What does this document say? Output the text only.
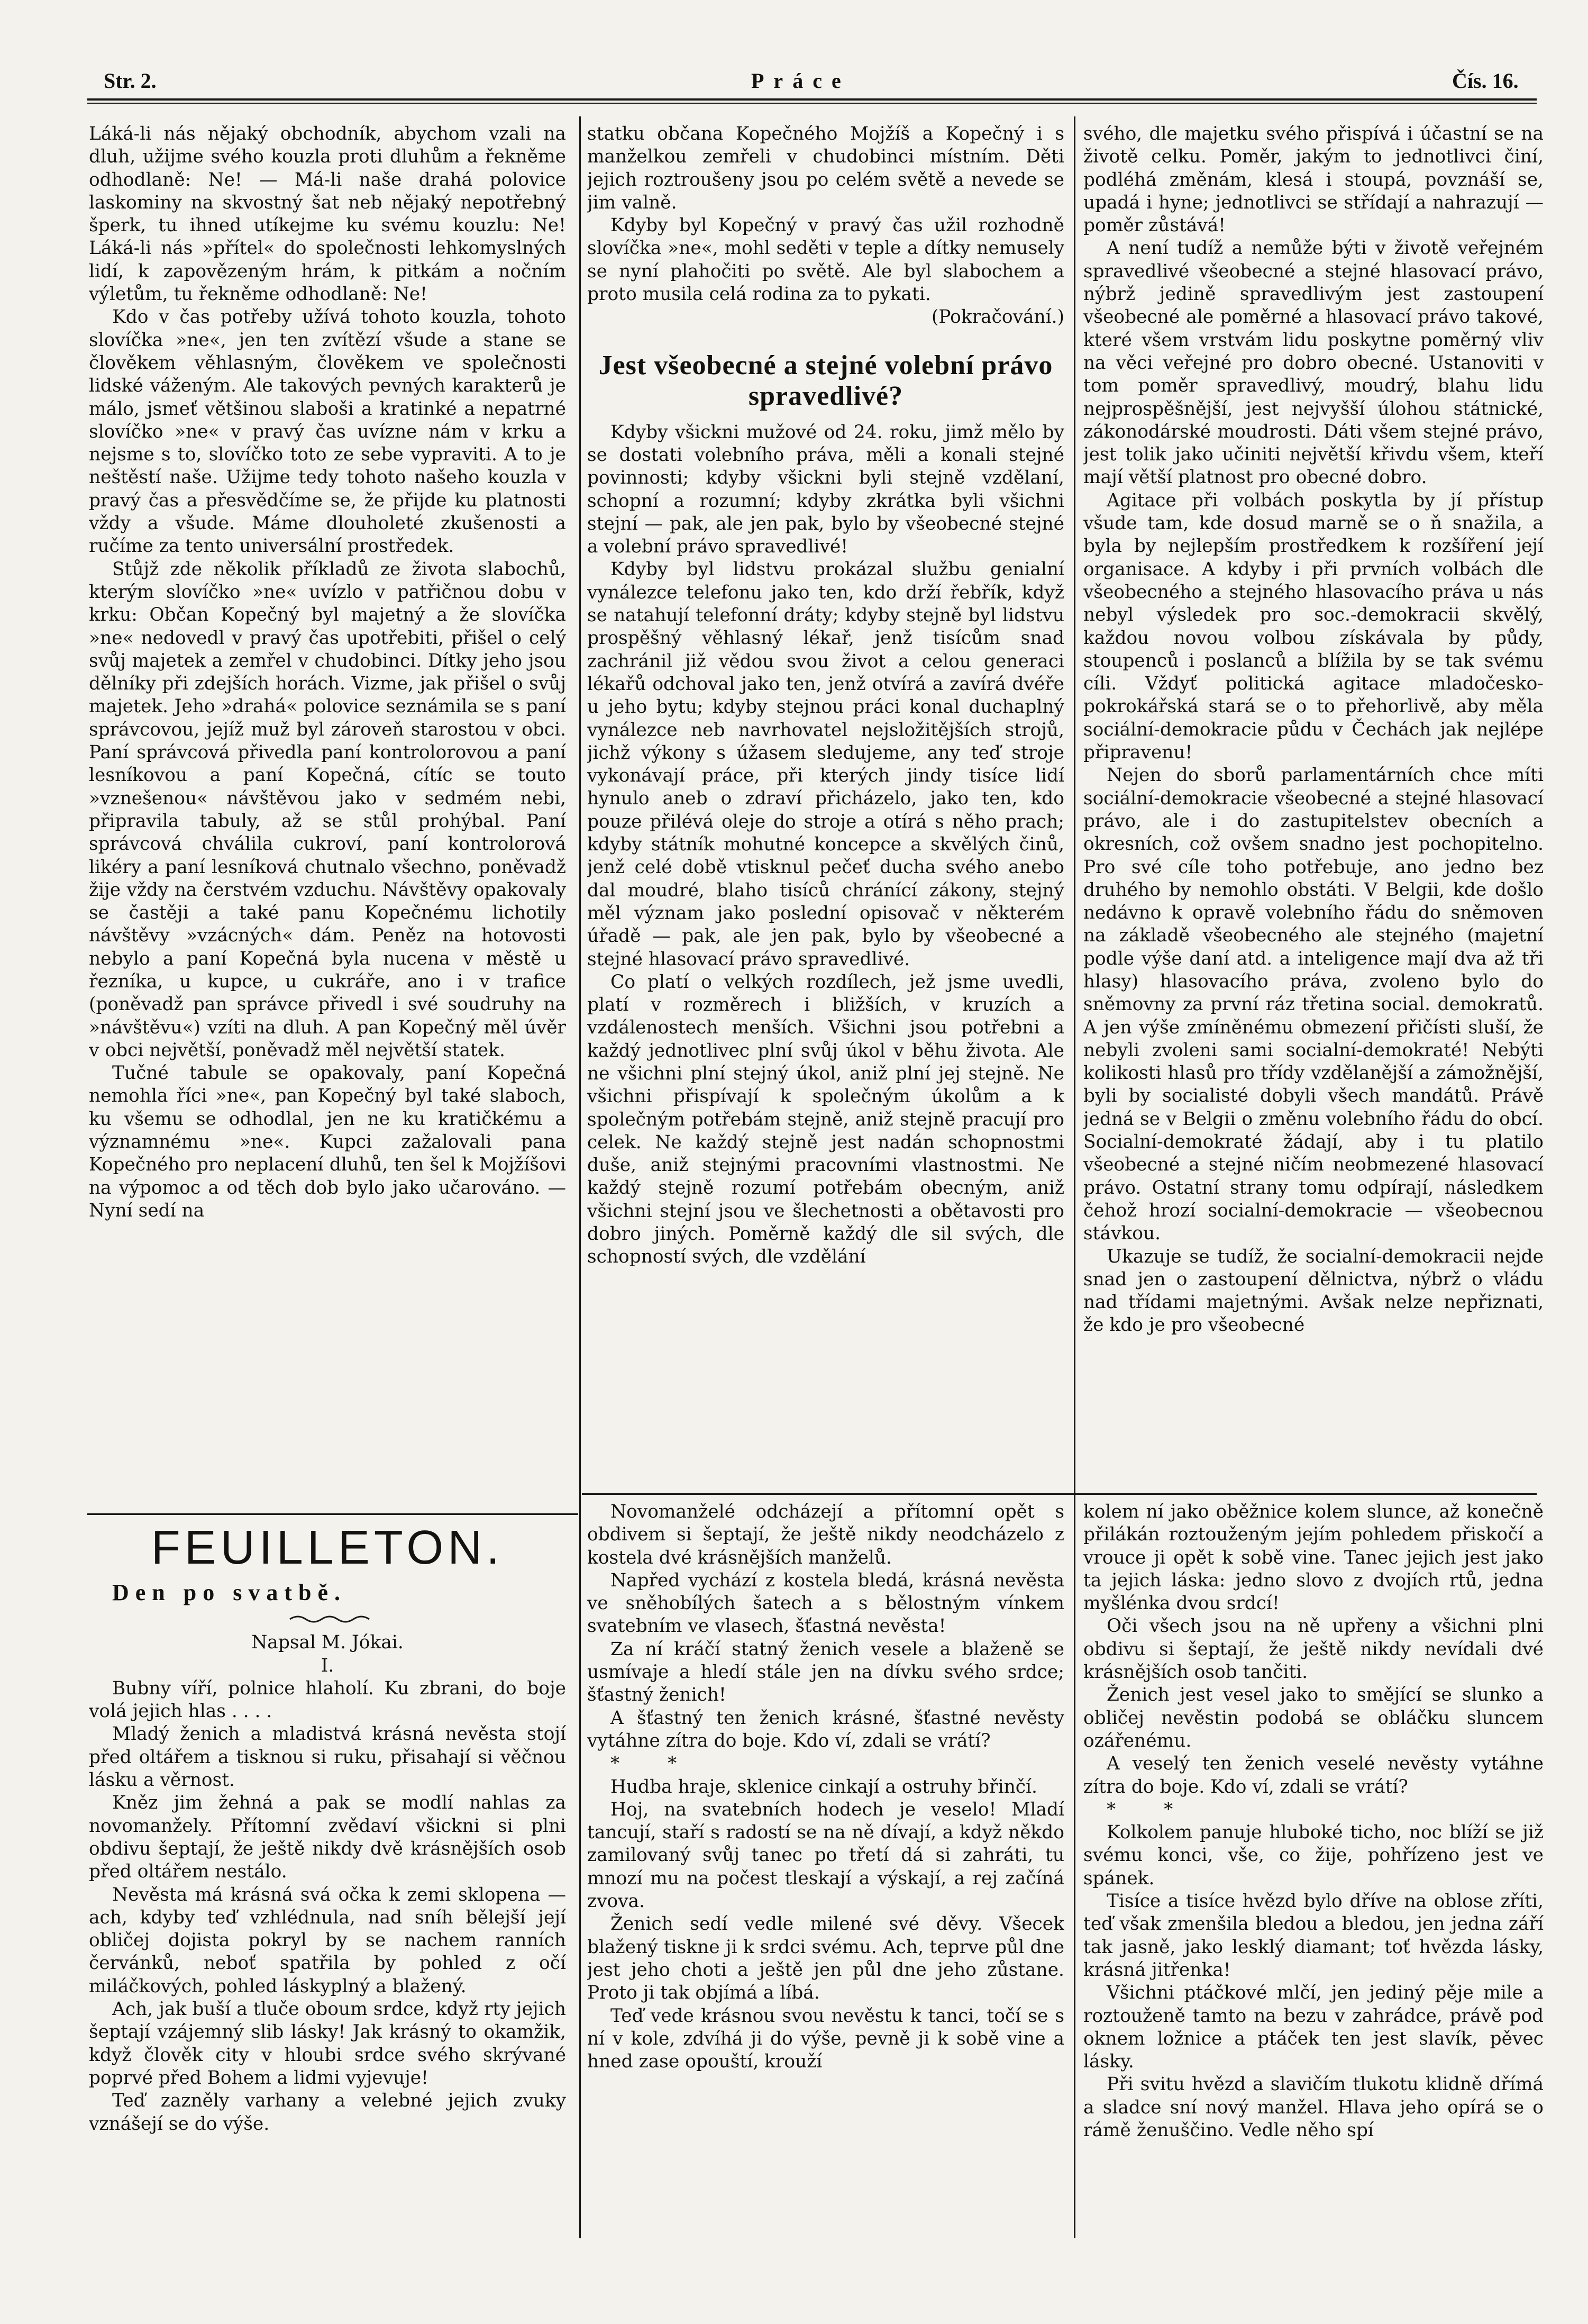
Str. 2.	Práce	Čís. 16.

Láká-li nás nějaký obchodník, abychom vzali na dluh, užijme svého kouzla proti dluhům a řekněme odhodlaně: Ne! — Má-li naše drahá polovice laskominy na skvostný šat neb nějaký nepotřebný šperk, tu ihned utíkejme ku svému kouzlu: Ne! Láká-li nás »přítel« do společnosti lehkomyslných lidí, k zapovězeným hrám, k pitkám a nočním výletům, tu řekněme odhodlaně: Ne!

Kdo v čas potřeby užívá tohoto kouzla, tohoto slovíčka »ne«, jen ten zvítězí všude a stane se člověkem věhlasným, člověkem ve společnosti lidské váženým. Ale takových pevných karakterů je málo, jsmeť většinou slaboši a kratinké a nepatrné slovíčko »ne« v pravý čas uvízne nám v krku a nejsme s to, slovíčko toto ze sebe vypraviti. A to je neštěstí naše. Užijme tedy tohoto našeho kouzla v pravý čas a přesvědčíme se, že přijde ku platnosti vždy a všude. Máme dlouholeté zkušenosti a ručíme za tento universální prostředek.

Stůjž zde několik příkladů ze života slabochů, kterým slovíčko »ne« uvízlo v patřičnou dobu v krku: Občan Kopečný byl majetný a že slovíčka »ne« nedovedl v pravý čas upotřebiti, přišel o celý svůj majetek a zemřel v chudobinci. Dítky jeho jsou dělníky při zdejších horách. Vizme, jak přišel o svůj majetek. Jeho »drahá« polovice seznámila se s paní správcovou, jejíž muž byl zároveň starostou v obci. Paní správcová přivedla paní kontrolorovou a paní lesníkovou a paní Kopečná, cítíc se touto »vznešenou« návštěvou jako v sedmém nebi, připravila tabuly, až se stůl prohýbal. Paní správcová chválila cukroví, paní kontrolorová likéry a paní lesníková chutnalo všechno, poněvadž žije vždy na čerstvém vzduchu. Návštěvy opakovaly se častěji a také panu Kopečnému lichotily návštěvy »vzácných« dám. Peněz na hotovosti nebylo a paní Kopečná byla nucena v městě u řezníka, u kupce, u cukráře, ano i v trafice (poněvadž pan správce přivedl i své soudruhy na »návštěvu«) vzíti na dluh. A pan Kopečný měl úvěr v obci největší, poněvadž měl největší statek.

Tučné tabule se opakovaly, paní Kopečná nemohla říci »ne«, pan Kopečný byl také slaboch, ku všemu se odhodlal, jen ne ku kratičkému a významnému »ne«. Kupci zažalovali pana Kopečného pro neplacení dluhů, ten šel k Mojžíšovi na výpomoc a od těch dob bylo jako učarováno. — Nyní sedí na

statku občana Kopečného Mojžíš a Kopečný i s manželkou zemřeli v chudobinci místním. Děti jejich roztroušeny jsou po celém světě a nevede se jim valně.

Kdyby byl Kopečný v pravý čas užil rozhodně slovíčka »ne«, mohl seděti v teple a dítky nemusely se nyní plahočiti po světě. Ale byl slabochem a proto musila celá rodina za to pykati.

(Pokračování.)
Jest všeobecné a stejné volební právo spravedlivé?

Kdyby všickni mužové od 24. roku, jimž mělo by se dostati volebního práva, měli a konali stejné povinnosti; kdyby všickni byli stejně vzdělaní, schopní a rozumní; kdyby zkrátka byli všichni stejní — pak, ale jen pak, bylo by všeobecné stejné a volební právo spravedlivé!

Kdyby byl lidstvu prokázal službu genialní vynálezce telefonu jako ten, kdo drží řebřík, když se natahují telefonní dráty; kdyby stejně byl lidstvu prospěšný věhlasný lékař, jenž tisícům snad zachránil již vědou svou život a celou generaci lékařů odchoval jako ten, jenž otvírá a zavírá dvéře u jeho bytu; kdyby stejnou práci konal duchaplný vynálezce neb navrhovatel nejsložitějších strojů, jichž výkony s úžasem sledujeme, any teď stroje vykonávají práce, při kterých jindy tisíce lidí hynulo aneb o zdraví přicházelo, jako ten, kdo pouze přilévá oleje do stroje a otírá s něho prach; kdyby státník mohutné koncepce a skvělých činů, jenž celé době vtisknul pečeť ducha svého anebo dal moudré, blaho tisíců chránící zákony, stejný měl význam jako poslední opisovač v některém úřadě — pak, ale jen pak, bylo by všeobecné a stejné hlasovací právo spravedlivé.

Co platí o velkých rozdílech, jež jsme uvedli, platí v rozměrech i bližších, v kruzích a vzdálenostech menších. Všichni jsou potřebni a každý jednotlivec plní svůj úkol v běhu života. Ale ne všichni plní stejný úkol, aniž plní jej stejně. Ne všichni přispívají k společným úkolům a k společným potřebám stejně, aniž stejně pracují pro celek. Ne každý stejně jest nadán schopnostmi duše, aniž stejnými pracovními vlastnostmi. Ne každý stejně rozumí potřebám obecným, aniž všichni stejní jsou ve šlechetnosti a obětavosti pro dobro jiných. Poměrně každý dle sil svých, dle schopností svých, dle vzdělání

svého, dle majetku svého přispívá i účastní se na životě celku. Poměr, jakým to jednotlivci činí, podléhá změnám, klesá i stoupá, povznáší se, upadá i hyne; jednotlivci se střídají a nahrazují — poměr zůstává!

A není tudíž a nemůže býti v životě veřejném spravedlivé všeobecné a stejné hlasovací právo, nýbrž jedině spravedlivým jest zastoupení všeobecné ale poměrné a hlasovací právo takové, které všem vrstvám lidu poskytne poměrný vliv na věci veřejné pro dobro obecné. Ustanoviti v tom poměr spravedlivý, moudrý, blahu lidu nejprospěšnější, jest nejvyšší úlohou státnické, zákonodárské moudrosti. Dáti všem stejné právo, jest tolik jako učiniti největší křivdu všem, kteří mají větší platnost pro obecné dobro.

Agitace při volbách poskytla by jí přístup všude tam, kde dosud marně se o ň snažila, a byla by nejlepším prostředkem k rozšíření její organisace. A kdyby i při prvních volbách dle všeobecného a stejného hlasovacího práva u nás nebyl výsledek pro soc.-demokracii skvělý, každou novou volbou získávala by půdy, stoupenců i poslanců a blížila by se tak svému cíli. Vždyť politická agitace mladočesko-pokrokářská stará se o to přehorlivě, aby měla sociální-demokracie půdu v Čechách jak nejlépe připravenu!

Nejen do sborů parlamentárních chce míti sociální-demokracie všeobecné a stejné hlasovací právo, ale i do zastupitelstev obecních a okresních, což ovšem snadno jest pochopitelno. Pro své cíle toho potřebuje, ano jedno bez druhého by nemohlo obstáti. V Belgii, kde došlo nedávno k opravě volebního řádu do sněmoven na základě všeobecného ale stejného (majetní podle výše daní atd. a inteligence mají dva až tři hlasy) hlasovacího práva, zvoleno bylo do sněmovny za první ráz třetina social. demokratů. A jen výše zmíněnému obmezení přičísti sluší, že nebyli zvoleni sami socialní-demokraté! Nebýti kolikosti hlasů pro třídy vzdělanější a zámožnější, byli by socialisté dobyli všech mandátů. Právě jedná se v Belgii o změnu volebního řádu do obcí. Socialní-demokraté žádají, aby i tu platilo všeobecné a stejné ničím neobmezené hlasovací právo. Ostatní strany tomu odpírají, následkem čehož hrozí socialní-demokracie — všeobecnou stávkou.

Ukazuje se tudíž, že socialní-demokracii nejde snad jen o zastoupení dělnictva, nýbrž o vládu nad třídami majetnými. Avšak nelze nepřiznati, že kdo je pro všeobecné

FEUILLETON.

Den po svatbě.

Napsal M. Jókai.

I.

Bubny víří, polnice hlaholí. Ku zbrani, do boje volá jejich hlas . . . .

Mladý ženich a mladistvá krásná nevěsta stojí před oltářem a tisknou si ruku, přisahají si věčnou lásku a věrnost.

Kněz jim žehná a pak se modlí nahlas za novomanžely. Přítomní zvědaví všickni si plni obdivu šeptají, že ještě nikdy dvě krásnějších osob před oltářem nestálo.

Nevěsta má krásná svá očka k zemi sklopena — ach, kdyby teď vzhlédnula, nad sníh bělejší její obličej dojista pokryl by se nachem ranních červánků, neboť spatřila by pohled z očí miláčkových, pohled láskyplný a blažený.

Ach, jak buší a tluče oboum srdce, když rty jejich šeptají vzájemný slib lásky! Jak krásný to okamžik, když člověk city v hloubi srdce svého skrývané poprvé před Bohem a lidmi vyjevuje!

Teď zazněly varhany a velebné jejich zvuky vznášejí se do výše.

Novomanželé odcházejí a přítomní opět s obdivem si šeptají, že ještě nikdy neodcházelo z kostela dvé krásnějších manželů.

Napřed vychází z kostela bledá, krásná nevěsta ve sněhobílých šatech a s bělostným vínkem svatebním ve vlasech, šťastná nevěsta!

Za ní kráčí statný ženich vesele a blaženě se usmívaje a hledí stále jen na dívku svého srdce; šťastný ženich!

A šťastný ten ženich krásné, šťastné nevěsty vytáhne zítra do boje. Kdo ví, zdali se vrátí?

* *

Hudba hraje, sklenice cinkají a ostruhy břinčí.

Hoj, na svatebních hodech je veselo! Mladí tancují, staří s radostí se na ně dívají, a když někdo zamilovaný svůj tanec po třetí dá si zahráti, tu mnozí mu na počest tleskají a výskají, a rej začíná zvova.

Ženich sedí vedle milené své děvy. Všecek blažený tiskne ji k srdci svému. Ach, teprve půl dne jest jeho choti a ještě jen půl dne jeho zůstane. Proto ji tak objímá a líbá.

Teď vede krásnou svou nevěstu k tanci, točí se s ní v kole, zdvíhá ji do výše, pevně ji k sobě vine a hned zase opouští, krouží

kolem ní jako oběžnice kolem slunce, až konečně přilákán roztouženým jejím pohledem přiskočí a vrouce ji opět k sobě vine. Tanec jejich jest jako ta jejich láska: jedno slovo z dvojích rtů, jedna myšlénka dvou srdcí!

Oči všech jsou na ně upřeny a všichni plni obdivu si šeptají, že ještě nikdy nevídali dvé krásnějších osob tančiti.

Ženich jest vesel jako to smějící se slunko a obličej nevěstin podobá se obláčku sluncem ozářenému.

A veselý ten ženich veselé nevěsty vytáhne zítra do boje. Kdo ví, zdali se vrátí?

* *

Kolkolem panuje hluboké ticho, noc blíží se již svému konci, vše, co žije, pohřízeno jest ve spánek.

Tisíce a tisíce hvězd bylo dříve na oblose zříti, teď však zmenšila bledou a bledou, jen jedna září tak jasně, jako lesklý diamant; toť hvězda lásky, krásná jitřenka!

Všichni ptáčkové mlčí, jen jediný pěje mile a roztouženě tamto na bezu v zahrádce, právě pod oknem ložnice a ptáček ten jest slavík, pěvec lásky.

Při svitu hvězd a slavičím tlukotu klidně dřímá a sladce sní nový manžel. Hlava jeho opírá se o rámě ženuščino. Vedle něho spí
